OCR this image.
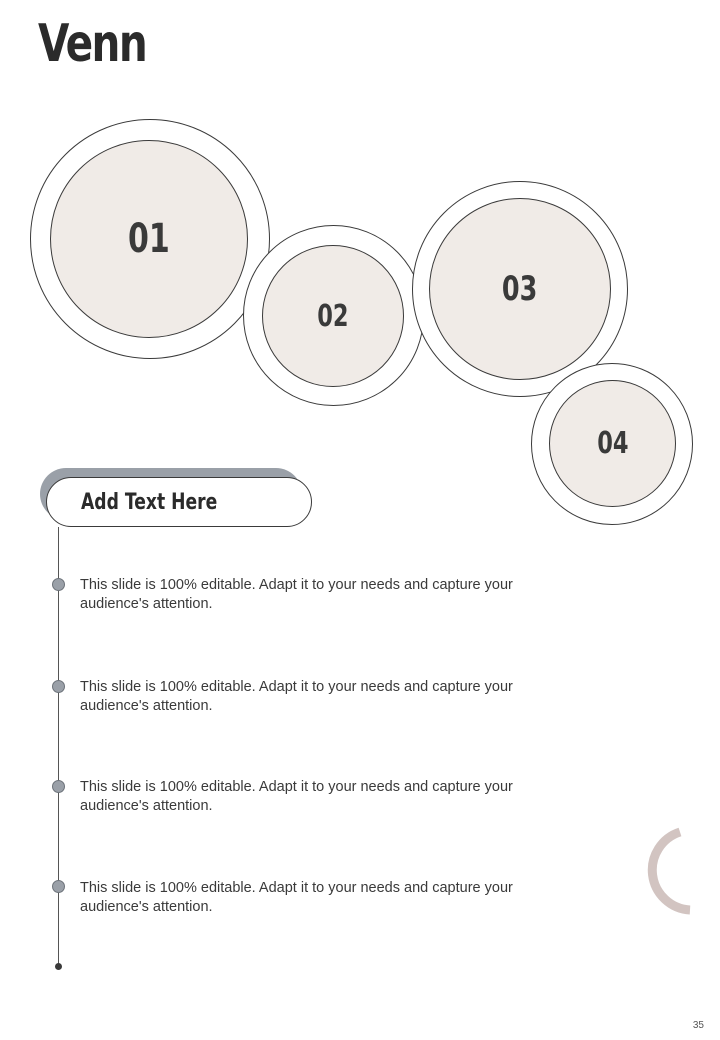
Venn
01
02
03
04
Add Text Here
This slide is 100% editable. Adapt it to your needs and capture your audience's attention.
This slide is 100% editable. Adapt it to your needs and capture your audience's attention.
This slide is 100% editable. Adapt it to your needs and capture your audience's attention.
This slide is 100% editable. Adapt it to your needs and capture your audience's attention.
35
